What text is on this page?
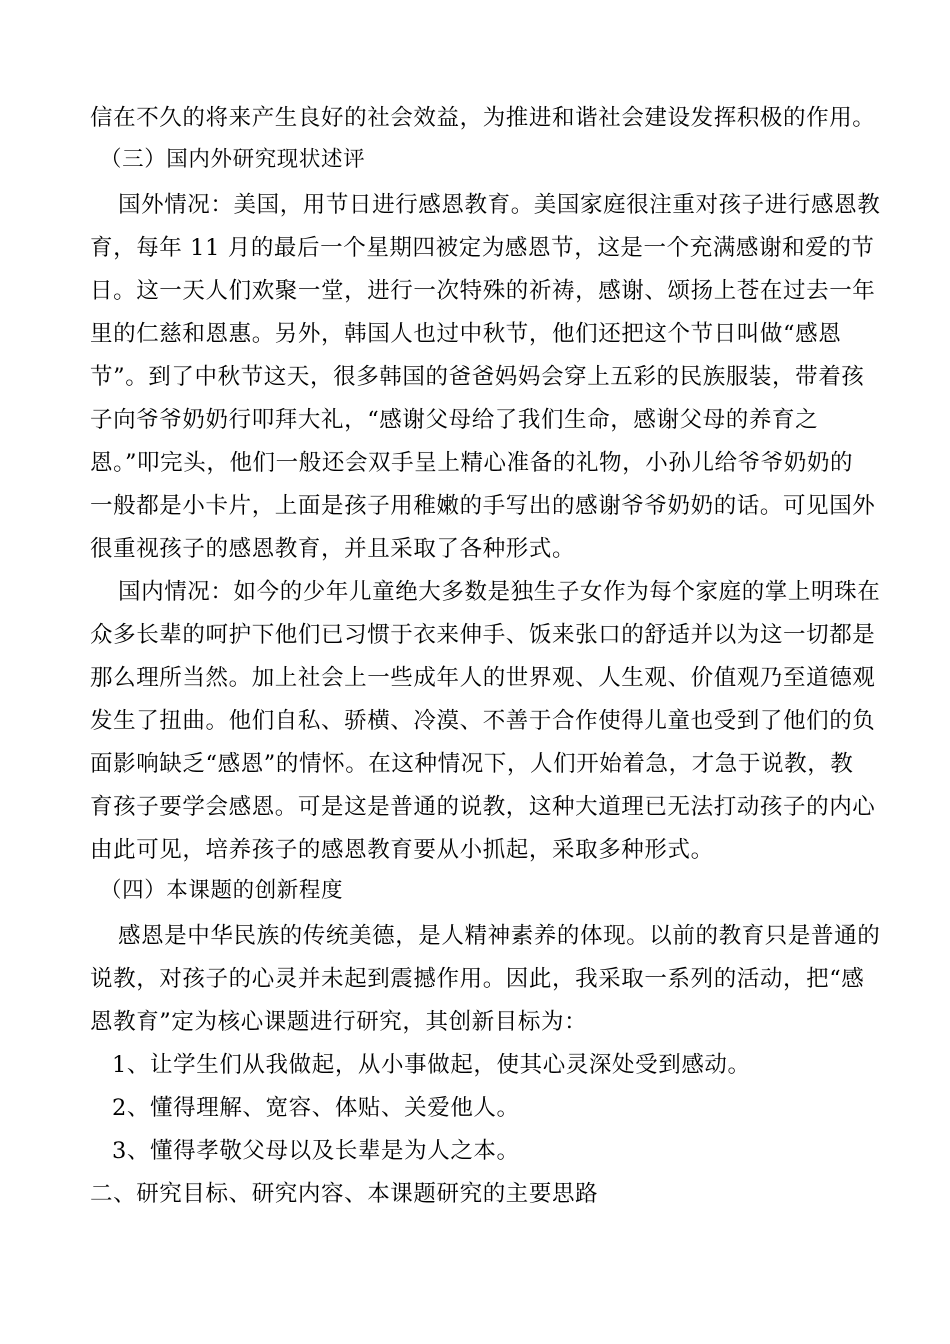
信在不久的将来产生良好的社会效益，为推进和谐社会建设发挥积极的作用。

（三）国内外研究现状述评

国外情况：美国，用节日进行感恩教育。美国家庭很注重对孩子进行感恩教

育，每年 11 月的最后一个星期四被定为感恩节，这是一个充满感谢和爱的节

日。这一天人们欢聚一堂，进行一次特殊的祈祷，感谢、颂扬上苍在过去一年

里的仁慈和恩惠。另外，韩国人也过中秋节，他们还把这个节日叫做“感恩

节”。到了中秋节这天，很多韩国的爸爸妈妈会穿上五彩的民族服装，带着孩

子向爷爷奶奶行叩拜大礼，“感谢父母给了我们生命，感谢父母的养育之

恩。”叩完头，他们一般还会双手呈上精心准备的礼物，小孙儿给爷爷奶奶的

一般都是小卡片，上面是孩子用稚嫩的手写出的感谢爷爷奶奶的话。可见国外

很重视孩子的感恩教育，并且采取了各种形式。

国内情况：如今的少年儿童绝大多数是独生子女作为每个家庭的掌上明珠在

众多长辈的呵护下他们已习惯于衣来伸手、饭来张口的舒适并以为这一切都是

那么理所当然。加上社会上一些成年人的世界观、人生观、价值观乃至道德观

发生了扭曲。他们自私、骄横、冷漠、不善于合作使得儿童也受到了他们的负

面影响缺乏“感恩”的情怀。在这种情况下，人们开始着急，才急于说教，教

育孩子要学会感恩。可是这是普通的说教，这种大道理已无法打动孩子的内心

由此可见，培养孩子的感恩教育要从小抓起，采取多种形式。

（四）本课题的创新程度

感恩是中华民族的传统美德，是人精神素养的体现。以前的教育只是普通的

说教，对孩子的心灵并未起到震撼作用。因此，我采取一系列的活动，把“感

恩教育”定为核心课题进行研究，其创新目标为：

1、让学生们从我做起，从小事做起，使其心灵深处受到感动。

2、懂得理解、宽容、体贴、关爱他人。

3、懂得孝敬父母以及长辈是为人之本。

二、研究目标、研究内容、本课题研究的主要思路
